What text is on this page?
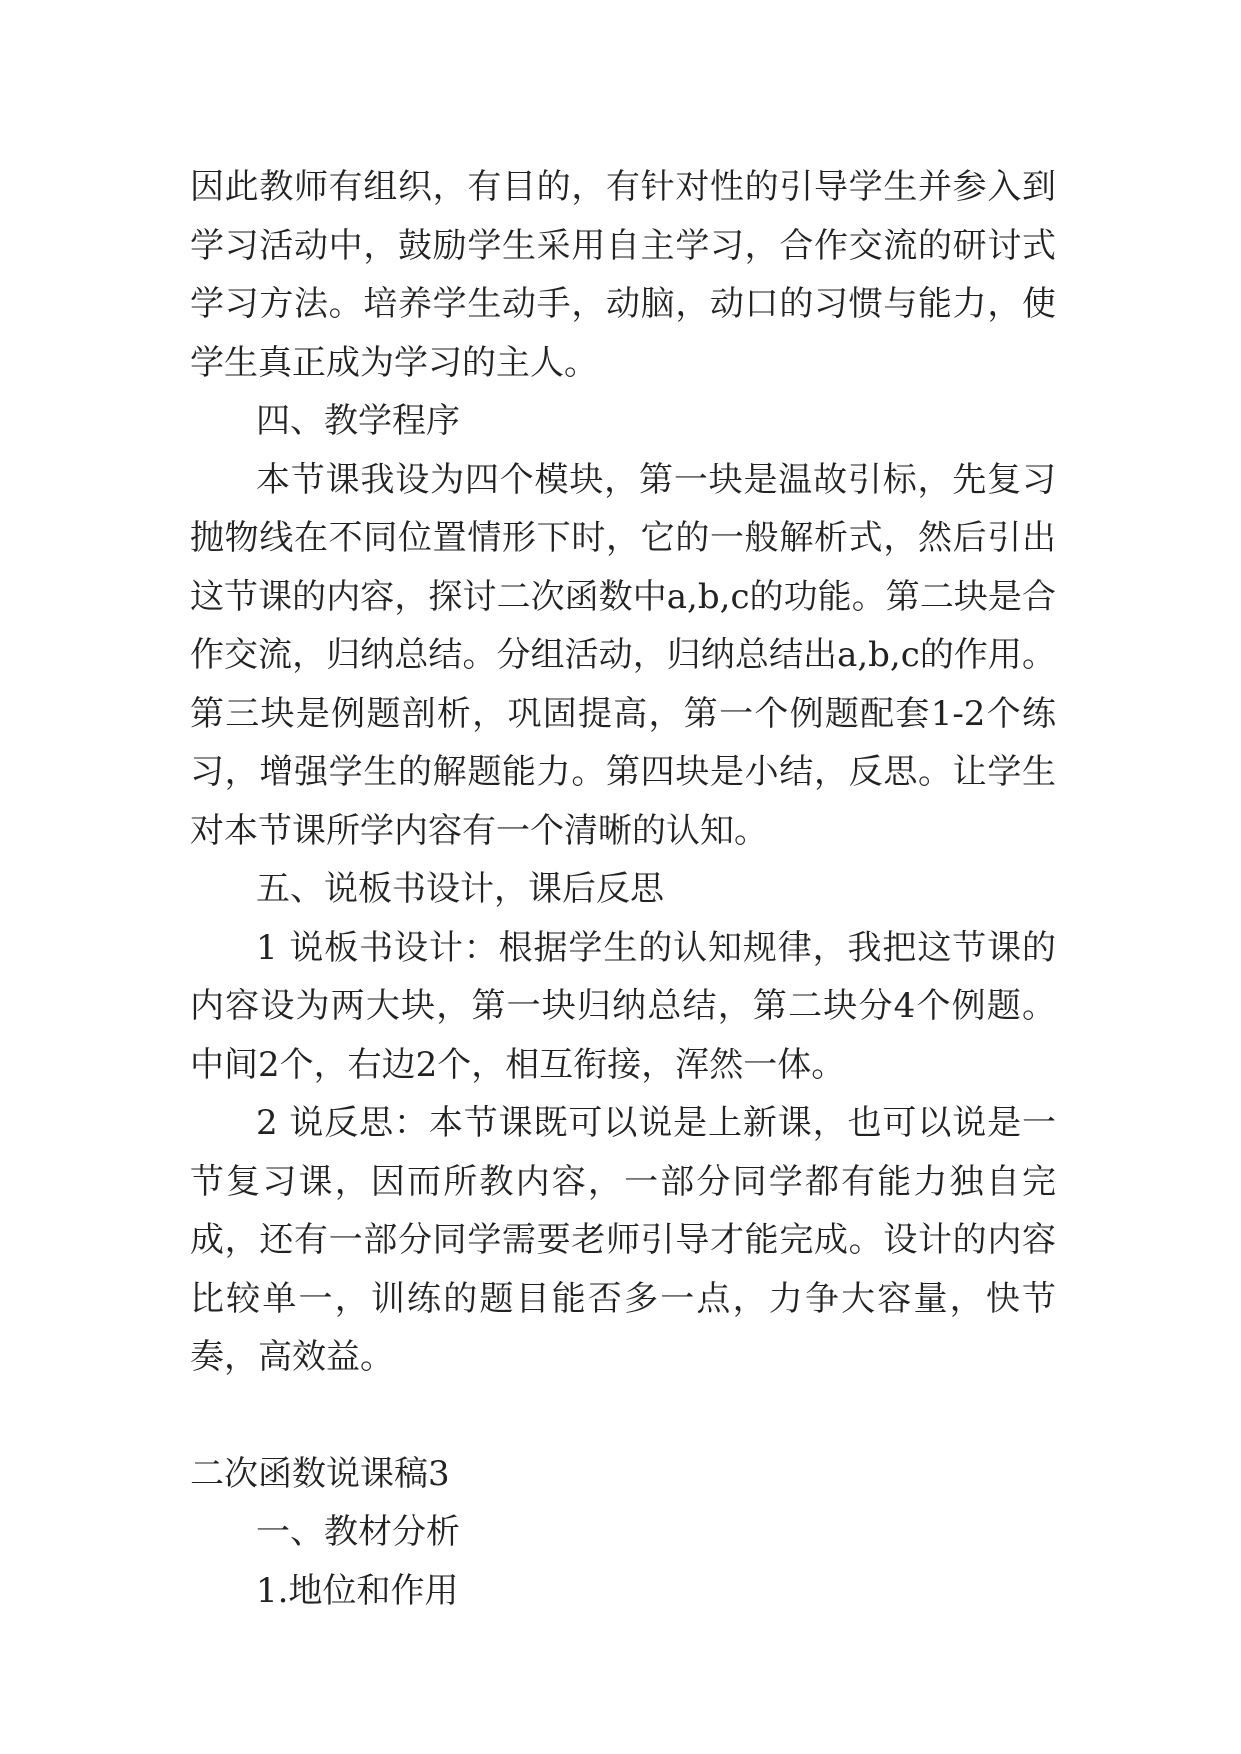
因此教师有组织，有目的，有针对性的引导学生并参入到学习活动中，鼓励学生采用自主学习，合作交流的研讨式学习方法。培养学生动手，动脑，动口的习惯与能力，使学生真正成为学习的主人。

四、教学程序

本节课我设为四个模块，第一块是温故引标，先复习抛物线在不同位置情形下时，它的一般解析式，然后引出这节课的内容，探讨二次函数中a,b,c的功能。第二块是合作交流，归纳总结。分组活动，归纳总结出a,b,c的作用。第三块是例题剖析，巩固提高，第一个例题配套1-2个练习，增强学生的解题能力。第四块是小结，反思。让学生对本节课所学内容有一个清晰的认知。

五、说板书设计，课后反思

1 说板书设计：根据学生的认知规律，我把这节课的内容设为两大块，第一块归纳总结，第二块分4个例题。中间2个，右边2个，相互衔接，浑然一体。

2 说反思：本节课既可以说是上新课，也可以说是一节复习课，因而所教内容，一部分同学都有能力独自完成，还有一部分同学需要老师引导才能完成。设计的内容比较单一，训练的题目能否多一点，力争大容量，快节奏，高效益。

二次函数说课稿3

一、教材分析

1.地位和作用
